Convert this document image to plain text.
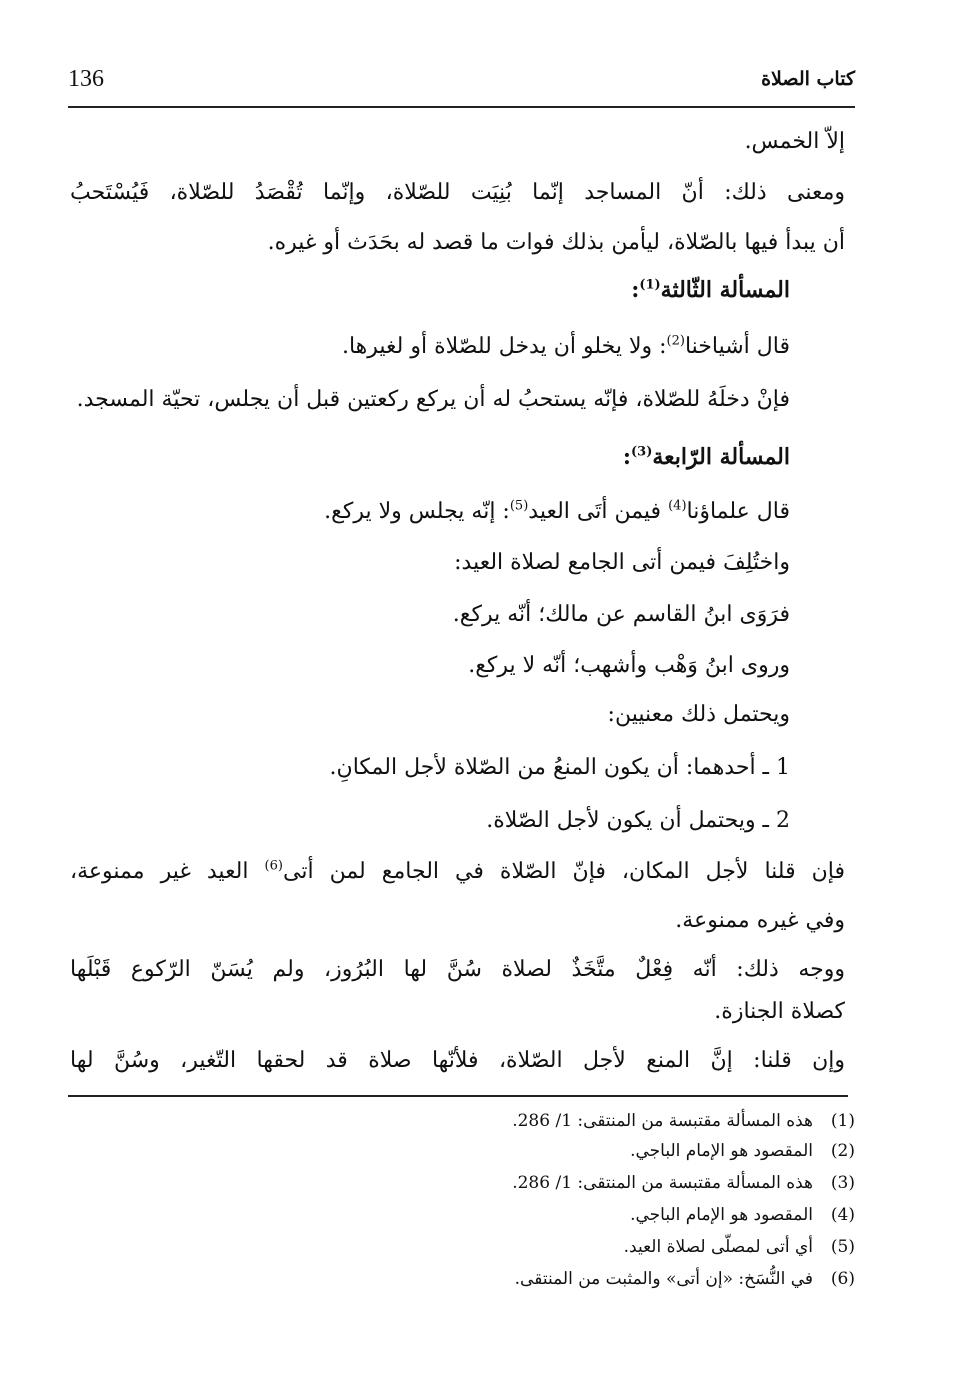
136	كتاب الصلاة
إلاّ الخمس.
ومعنى ذلك: أنّ المساجد إنّما بُنِيَت للصّلاة، وإنّما تُقْصَدُ للصّلاة، فَيُسْتَحبُ
أن يبدأ فيها بالصّلاة، ليأمن بذلك فوات ما قصد له بحَدَث أو غيره.
المسألة الثّالثة$^{(1)}$:
قال أشياخنا$^{(2)}$: ولا يخلو أن يدخل للصّلاة أو لغيرها.
فإنْ دخلَهُ للصّلاة، فإنّه يستحبُ له أن يركع ركعتين قبل أن يجلس، تحيّة المسجد.
المسألة الرّابعة$^{(3)}$:
قال علماؤنا$^{(4)}$ فيمن أتَى العيد$^{(5)}$: إنّه يجلس ولا يركع.
واختُلِفَ فيمن أتى الجامع لصلاة العيد:
فرَوَى ابنُ القاسم عن مالك؛ أنّه يركع.
وروى ابنُ وَهْب وأشهب؛ أنّه لا يركع.
ويحتمل ذلك معنيين:
1 ـ أحدهما: أن يكون المنعُ من الصّلاة لأجل المكانِ.
2 ـ ويحتمل أن يكون لأجل الصّلاة.
فإن قلنا لأجل المكان، فإنّ الصّلاة في الجامع لمن أتى$^{(6)}$ العيد غير ممنوعة،
وفي غيره ممنوعة.
ووجه ذلك: أنّه فِعْلٌ متَّخَذٌ لصلاة سُنَّ لها البُرُوز، ولم يُسَنّ الرّكوع قَبْلَها
كصلاة الجنازة.
وإن قلنا: إنَّ المنع لأجل الصّلاة، فلأنّها صلاة قد لحقها التّغير، وسُنَّ لها
(1)هذه المسألة مقتبسة من المنتقى: 1/ 286.
(2)المقصود هو الإمام الباجي.
(3)هذه المسألة مقتبسة من المنتقى: 1/ 286.
(4)المقصود هو الإمام الباجي.
(5)أي أتى لمصلّى لصلاة العيد.
(6)في النُّسَخ: «إن أتى» والمثبت من المنتقى.
